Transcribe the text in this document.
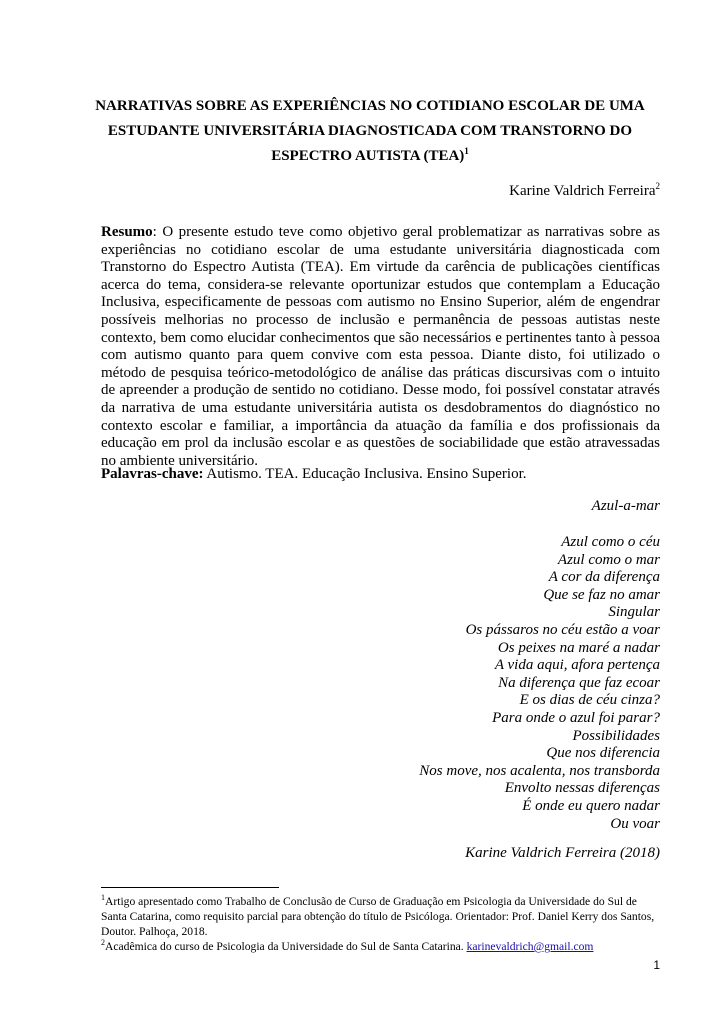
NARRATIVAS SOBRE AS EXPERIÊNCIAS NO COTIDIANO ESCOLAR DE UMA
ESTUDANTE UNIVERSITÁRIA DIAGNOSTICADA COM TRANSTORNO DO
ESPECTRO AUTISTA (TEA)$^1$
Karine Valdrich Ferreira$^2$

Resumo: O presente estudo teve como objetivo geral problematizar as narrativas sobre as experiências no cotidiano escolar de uma estudante universitária diagnosticada com Transtorno do Espectro Autista (TEA). Em virtude da carência de publicações científicas acerca do tema, considera-se relevante oportunizar estudos que contemplam a Educação Inclusiva, especificamente de pessoas com autismo no Ensino Superior, além de engendrar possíveis melhorias no processo de inclusão e permanência de pessoas autistas neste contexto, bem como elucidar conhecimentos que são necessários e pertinentes tanto à pessoa com autismo quanto para quem convive com esta pessoa. Diante disto, foi utilizado o método de pesquisa teórico-metodológico de análise das práticas discursivas com o intuito de apreender a produção de sentido no cotidiano. Desse modo, foi possível constatar através da narrativa de uma estudante universitária autista os desdobramentos do diagnóstico no contexto escolar e familiar, a importância da atuação da família e dos profissionais da educação em prol da inclusão escolar e as questões de sociabilidade que estão atravessadas no ambiente universitário.

Palavras-chave: Autismo. TEA. Educação Inclusiva. Ensino Superior.

Azul-a-mar
Azul como o céu
Azul como o mar
A cor da diferença
Que se faz no amar
Singular
Os pássaros no céu estão a voar
Os peixes na maré a nadar
A vida aqui, afora pertença
Na diferença que faz ecoar
E os dias de céu cinza?
Para onde o azul foi parar?
Possibilidades
Que nos diferencia
Nos move, nos acalenta, nos transborda
Envolto nessas diferenças
É onde eu quero nadar
Ou voar
Karine Valdrich Ferreira (2018)
$^1$Artigo apresentado como Trabalho de Conclusão de Curso de Graduação em Psicologia da Universidade do Sul de Santa Catarina, como requisito parcial para obtenção do título de Psicóloga. Orientador: Prof. Daniel Kerry dos Santos, Doutor. Palhoça, 2018.
$^2$Acadêmica do curso de Psicologia da Universidade do Sul de Santa Catarina. karinevaldrich@gmail.com
1
